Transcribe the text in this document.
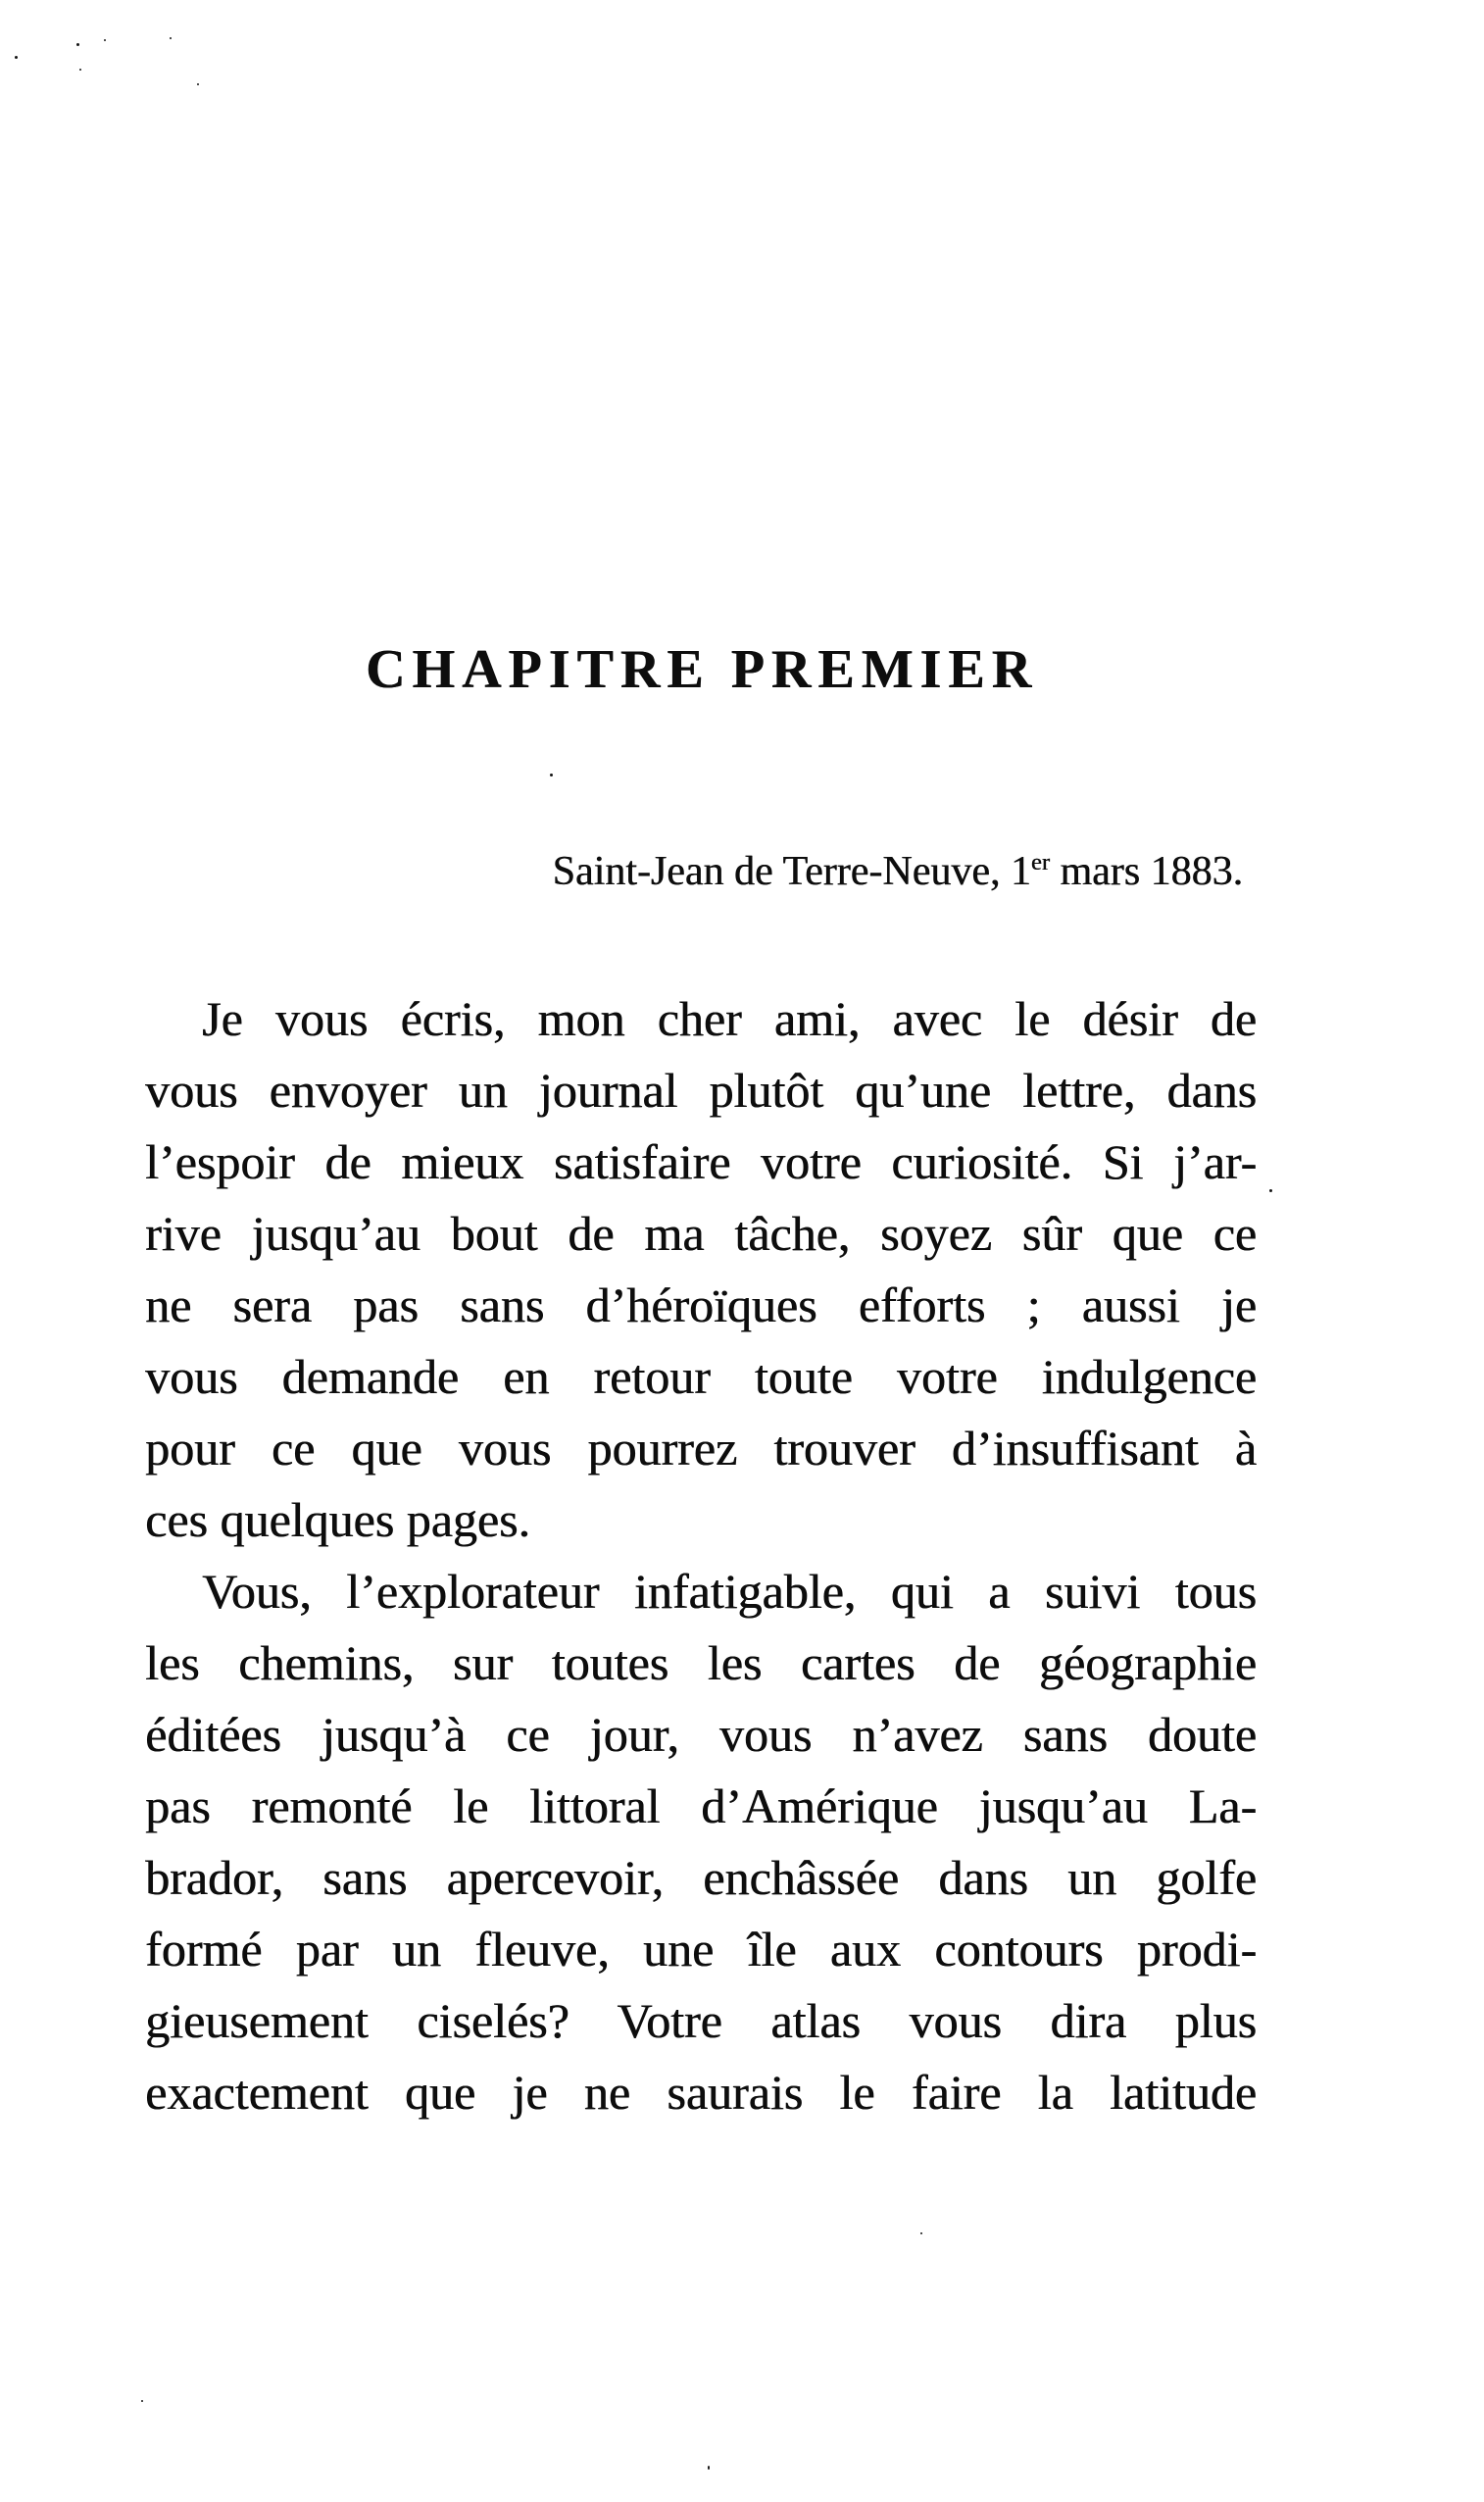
CHAPITRE PREMIER
Saint-Jean de Terre-Neuve, 1er mars 1883.
Je vous écris, mon cher ami, avec le désir de
vous envoyer un journal plutôt qu’une lettre, dans
l’espoir de mieux satisfaire votre curiosité. Si j’ar-
rive jusqu’au bout de ma tâche, soyez sûr que ce
ne sera pas sans d’héroïques efforts ; aussi je
vous demande en retour toute votre indulgence
pour ce que vous pourrez trouver d’insuffisant à
ces quelques pages.
Vous, l’explorateur infatigable, qui a suivi tous
les chemins, sur toutes les cartes de géographie
éditées jusqu’à ce jour, vous n’avez sans doute
pas remonté le littoral d’Amérique jusqu’au La-
brador, sans apercevoir, enchâssée dans un golfe
formé par un fleuve, une île aux contours prodi-
gieusement ciselés? Votre atlas vous dira plus
exactement que je ne saurais le faire la latitude
